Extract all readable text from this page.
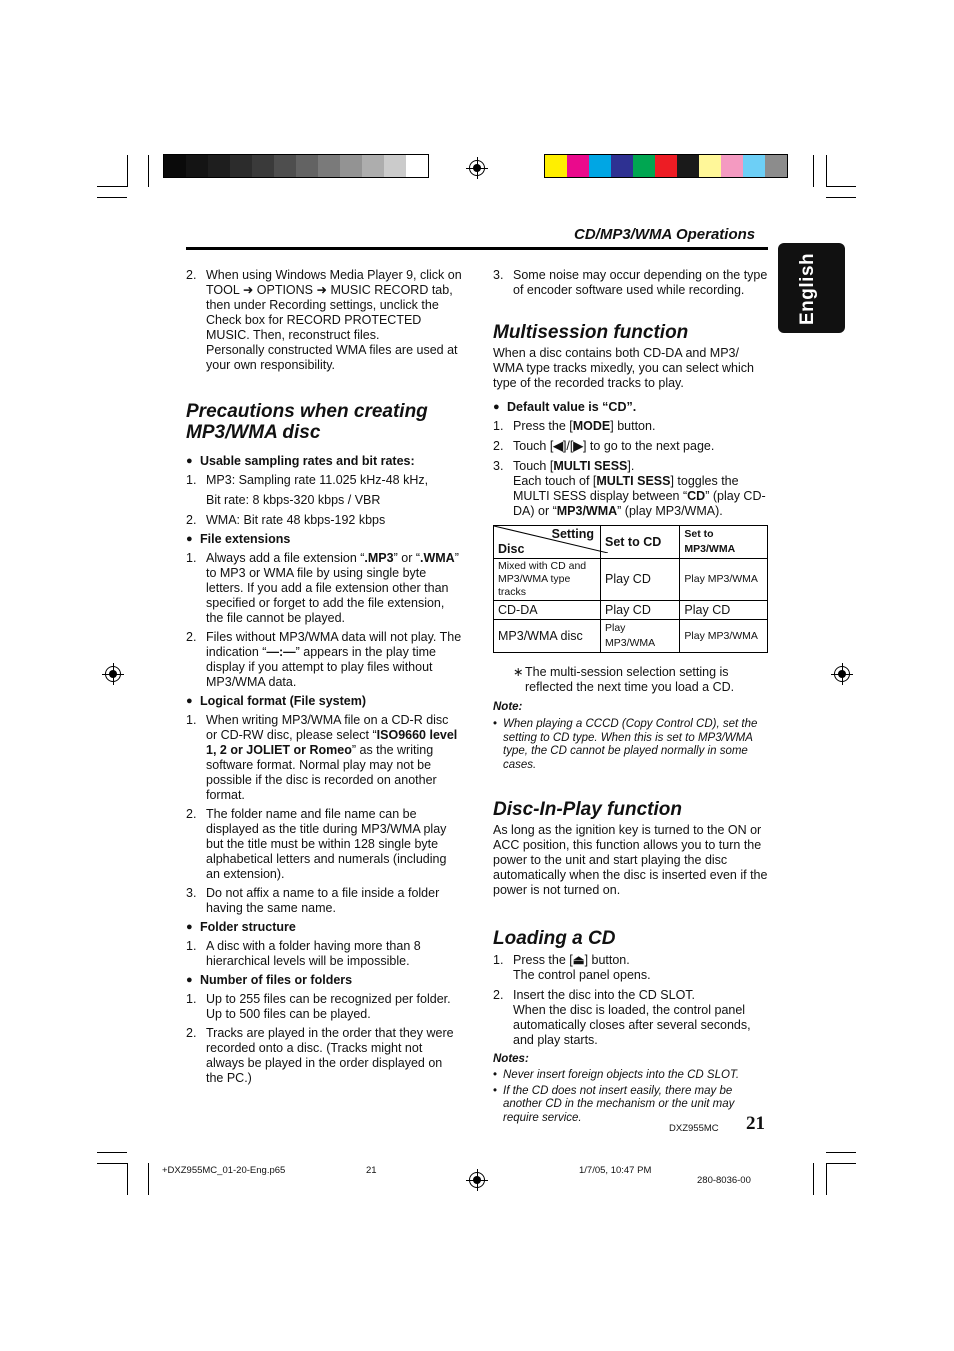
CD/MP3/WMA Operations
English
2. When using Windows Media Player 9, click on TOOL ➜ OPTIONS ➜ MUSIC RECORD tab, then under Recording settings, unclick the Check box for RECORD PROTECTED MUSIC. Then, reconstruct files.
Personally constructed WMA files are used at your own responsibility.
Precautions when creating MP3/WMA disc
● Usable sampling rates and bit rates:
1. MP3: Sampling rate 11.025 kHz-48 kHz,
Bit rate: 8 kbps-320 kbps / VBR
2. WMA: Bit rate 48 kbps-192 kbps
● File extensions
1. Always add a file extension “.MP3” or “.WMA” to MP3 or WMA file by using single byte letters. If you add a file extension other than specified or forget to add the file extension, the file cannot be played.
2. Files without MP3/WMA data will not play. The indication “—:—” appears in the play time display if you attempt to play files without MP3/WMA data.
● Logical format (File system)
1. When writing MP3/WMA file on a CD-R disc or CD-RW disc, please select “ISO9660 level 1, 2 or JOLIET or Romeo” as the writing software format. Normal play may not be possible if the disc is recorded on another format.
2. The folder name and file name can be displayed as the title during MP3/WMA play but the title must be within 128 single byte alphabetical letters and numerals (including an extension).
3. Do not affix a name to a file inside a folder having the same name.
● Folder structure
1. A disc with a folder having more than 8 hierarchical levels will be impossible.
● Number of files or folders
1. Up to 255 files can be recognized per folder. Up to 500 files can be played.
2. Tracks are played in the order that they were recorded onto a disc. (Tracks might not always be played in the order displayed on the PC.)
3. Some noise may occur depending on the type of encoder software used while recording.
Multisession function
When a disc contains both CD-DA and MP3/ WMA type tracks mixedly, you can select which type of the recorded tracks to play.
● Default value is “CD”.
1. Press the [MODE] button.
2. Touch [◀]/[▶] to go to the next page.
3. Touch [MULTI SESS].
Each touch of [MULTI SESS] toggles the MULTI SESS display between “CD” (play CD-DA) or “MP3/WMA” (play MP3/WMA).
Setting
Disc	Set to CD	Set to MP3/WMA
Mixed with CD and
MP3/WMA type tracks	Play CD	Play MP3/WMA
CD-DA	Play CD	Play CD
MP3/WMA disc	Play MP3/WMA	Play MP3/WMA
∗ The multi-session selection setting is reflected the next time you load a CD.
Note:
• When playing a CCCD (Copy Control CD), set the setting to CD type. When this is set to MP3/WMA type, the CD cannot be played normally in some cases.
Disc-In-Play function
As long as the ignition key is turned to the ON or ACC position, this function allows you to turn the power to the unit and start playing the disc automatically when the disc is inserted even if the power is not turned on.
Loading a CD
1. Press the [⏏] button.
The control panel opens.
2. Insert the disc into the CD SLOT.
When the disc is loaded, the control panel automatically closes after several seconds, and play starts.
Notes:
• Never insert foreign objects into the CD SLOT.
• If the CD does not insert easily, there may be another CD in the mechanism or the unit may require service.
DXZ955MC 21
+DXZ955MC_01-20-Eng.p65	21	1/7/05, 10:47 PM
280-8036-00
